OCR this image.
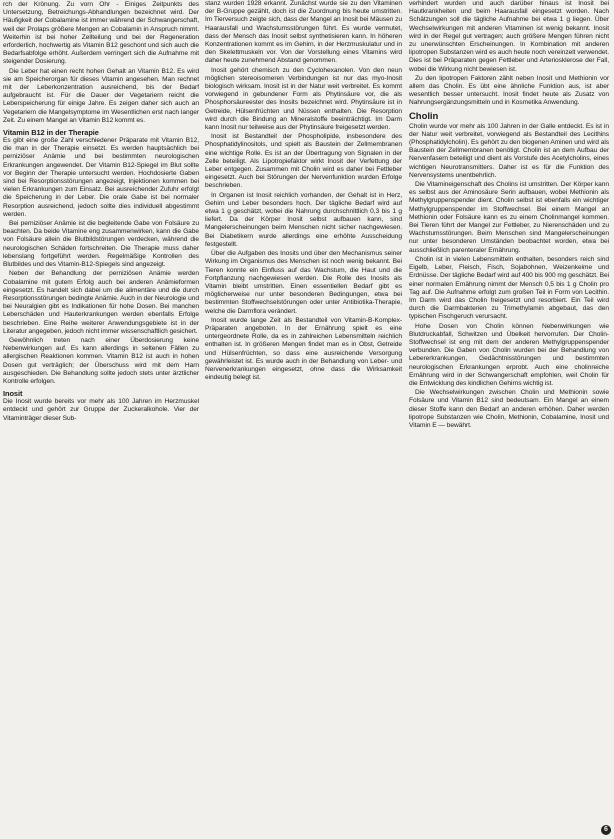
rch der Krönung. Zu vorn Ohr - Einiges Zeitpunkts des Untersetzung, Betreichungs-Abhandlungen bezeichnet wird. Der Häufigkeit der Cobalamine ist immer während der Schwangerschaft, weil der Prolaps größere Mengen an Cobalamin in Anspruch nimmt. Weiterhin ist bei hoher Zellteilung und bei der Regeneration erforderlich, hochwertig als Vitamin B12 geschont und sich auch die Bedarfsabfolge erhöht. Außerdem verringert sich die Aufnahme mit steigender Dosierung.

Die Leber hat einen recht hohen Gehalt an Vitamin B12. Es wird sie am Speicherorgan für dieses Vitamin angesehen. Man rechnet mit der Leberkonzentration ausreichend, bis der Bedarf aufgebraucht ist. Für die Dauer der Vegetariern reicht die Leberspeicherung für einige Jahre. Es zeigen daher sich auch an Vegetariern die Mangelsymptome im Wesentlichen erst nach langer Zeit. Zu einem Mangel an Vitamin B12 kommt es.

Vitamin B12 in der Therapie

Es gibt eine große Zahl verschiedener Präparate mit Vitamin B12, die man in der Therapie einsetzt. Es werden hauptsächlich bei perniziöser Anämie und bei bestimmten neurologischen Erkrankungen angewendet. Der Vitamin B12-Spiegel im Blut sollte vor Beginn der Therapie untersucht werden. Hochdosierte Gaben sind bei Resorptionsstörungen angezeigt, Injektionen kommen bei vielen Erkrankungen zum Einsatz. Bei ausreichender Zufuhr erfolgt die Speicherung in der Leber. Die orale Gabe ist bei normaler Resorption ausreichend, jedoch sollte dies individuell abgestimmt werden.

Bei perniziöser Anämie ist die begleitende Gabe von Folsäure zu beachten. Da beide Vitamine eng zusammenwirken, kann die Gabe von Folsäure allein die Blutbildstörungen verdecken, während die neurologischen Schäden fortschreiten. Die Therapie muss daher lebenslang fortgeführt werden. Regelmäßige Kontrollen des Blutbildes und des Vitamin-B12-Spiegels sind angezeigt.

Neben der Behandlung der perniziösen Anämie werden Cobalamine mit gutem Erfolg auch bei anderen Anämieformen eingesetzt. Es handelt sich dabei um die alimentäre und die durch Resorptionsstörungen bedingte Anämie. Auch in der Neurologie und bei Neuralgien gibt es Indikationen für hohe Dosen. Bei manchen Leberschäden und Hauterkrankungen werden ebenfalls Erfolge beschrieben. Eine Reihe weiterer Anwendungsgebiete ist in der Literatur angegeben, jedoch nicht immer wissenschaftlich gesichert.

Gewöhnlich treten nach einer Überdosierung keine Nebenwirkungen auf. Es kann allerdings in seltenen Fällen zu allergischen Reaktionen kommen. Vitamin B12 ist auch in hohen Dosen gut verträglich; der Überschuss wird mit dem Harn ausgeschieden. Die Behandlung sollte jedoch stets unter ärztlicher Kontrolle erfolgen.

Inosit

Die Inosit wurde bereits vor mehr als 100 Jahren im Herzmuskel entdeckt und gehört zur Gruppe der Zuckeralkohole. Vier der Vitaminträger dieser Sub-

stanz wurden 1928 erkannt. Zunächst wurde sie zu den Vitaminen der B-Gruppe gezählt, doch ist die Zuordnung bis heute umstritten. Im Tierversuch zeigte sich, dass der Mangel an Inosit bei Mäusen zu Haarausfall und Wachstumsstörungen führt. Es wurde vermutet, dass der Mensch das Inosit selbst synthetisieren kann. In höheren Konzentrationen kommt es im Gehirn, in der Herzmuskulatur und in den Skelettmuskeln vor. Von der Vorstellung eines Vitamins wird daher heute zunehmend Abstand genommen.

Inosit gehört chemisch zu den Cyclohexanolen. Von den neun möglichen stereoisomeren Verbindungen ist nur das myo-Inosit biologisch wirksam. Inosit ist in der Natur weit verbreitet. Es kommt vorwiegend in gebundener Form als Phytinsäure vor, die als Phosphorsäureester des Inosits bezeichnet wird. Phytinsäure ist in Getreide, Hülsenfrüchten und Nüssen enthalten. Die Resorption wird durch die Bindung an Mineralstoffe beeinträchtigt. Im Darm kann Inosit nur teilweise aus der Phytinsäure freigesetzt werden.

Inosit ist Bestandteil der Phospholipide, insbesondere des Phosphatidylinositols, und spielt als Baustein der Zellmembranen eine wichtige Rolle. Es ist an der Übertragung von Signalen in der Zelle beteiligt. Als Lipotropiefaktor wirkt Inosit der Verfettung der Leber entgegen. Zusammen mit Cholin wird es daher bei Fettleber eingesetzt. Auch bei Störungen der Nervenfunktion wurden Erfolge beschrieben.

In Organen ist Inosit reichlich vorhanden, der Gehalt ist in Herz, Gehirn und Leber besonders hoch. Der tägliche Bedarf wird auf etwa 1 g geschätzt, wobei die Nahrung durchschnittlich 0,3 bis 1 g liefert. Da der Körper Inosit selbst aufbauen kann, sind Mangelerscheinungen beim Menschen nicht sicher nachgewiesen. Bei Diabetikern wurde allerdings eine erhöhte Ausscheidung festgestellt.

Über die Aufgaben des Inosits und über den Mechanismus seiner Wirkung im Organismus des Menschen ist noch wenig bekannt. Bei Tieren konnte ein Einfluss auf das Wachstum, die Haut und die Fortpflanzung nachgewiesen werden. Die Rolle des Inosits als Vitamin bleibt umstritten. Einen essentiellen Bedarf gibt es möglicherweise nur unter besonderen Bedingungen, etwa bei bestimmten Stoffwechselstörungen oder unter Antibiotika-Therapie, welche die Darmflora verändert.

Inosit wurde lange Zeit als Bestandteil von Vitamin-B-Komplex-Präparaten angeboten. In der Ernährung spielt es eine untergeordnete Rolle, da es in zahlreichen Lebensmitteln reichlich enthalten ist. In größeren Mengen findet man es in Obst, Getreide und Hülsenfrüchten, so dass eine ausreichende Versorgung gewährleistet ist. Es wurde auch in der Behandlung von Leber- und Nervenerkrankungen eingesetzt, ohne dass die Wirksamkeit eindeutig belegt ist.

verhindert wurden und auch darüber hinaus ist Inosit bei Hautkrankheiten und beim Haarausfall eingesetzt worden. Nach Schätzungen soll die tägliche Aufnahme bei etwa 1 g liegen. Über Wechselwirkungen mit anderen Vitaminen ist wenig bekannt. Inosit wird in der Regel gut vertragen; auch größere Mengen führen nicht zu unerwünschten Erscheinungen. In Kombination mit anderen lipotropen Substanzen wird es auch heute noch vereinzelt verwendet. Dies ist bei Präparaten gegen Fettleber und Arteriosklerose der Fall, wobei die Wirkung nicht bewiesen ist.

Zu den lipotropen Faktoren zählt neben Inosit und Methionin vor allem das Cholin. Es übt eine ähnliche Funktion aus, ist aber wesentlich besser untersucht. Inosit findet heute als Zusatz von Nahrungsergänzungsmitteln und in Kosmetika Anwendung.

Cholin

Cholin wurde vor mehr als 100 Jahren in der Galle entdeckt. Es ist in der Natur weit verbreitet, vorwiegend als Bestandteil des Lecithins (Phosphatidylcholin). Es gehört zu den biogenen Aminen und wird als Baustein der Zellmembranen benötigt. Cholin ist an dem Aufbau der Nervenfasern beteiligt und dient als Vorstufe des Acetylcholins, eines wichtigen Neurotransmitters. Daher ist es für die Funktion des Nervensystems unentbehrlich.

Die Vitamineigenschaft des Cholins ist umstritten. Der Körper kann es selbst aus der Aminosäure Serin aufbauen, wobei Methionin als Methylgruppenspender dient. Cholin selbst ist ebenfalls ein wichtiger Methylgruppenspender im Stoffwechsel. Bei einem Mangel an Methionin oder Folsäure kann es zu einem Cholinmangel kommen. Bei Tieren führt der Mangel zur Fettleber, zu Nierenschäden und zu Wachstumsstörungen. Beim Menschen sind Mangelerscheinungen nur unter besonderen Umständen beobachtet worden, etwa bei ausschließlich parenteraler Ernährung.

Cholin ist in vielen Lebensmitteln enthalten, besonders reich sind Eigelb, Leber, Fleisch, Fisch, Sojabohnen, Weizenkeime und Erdnüsse. Der tägliche Bedarf wird auf 400 bis 900 mg geschätzt. Bei einer normalen Ernährung nimmt der Mensch 0,5 bis 1 g Cholin pro Tag auf. Die Aufnahme erfolgt zum großen Teil in Form von Lecithin. Im Darm wird das Cholin freigesetzt und resorbiert. Ein Teil wird durch die Darmbakterien zu Trimethylamin abgebaut, das den typischen Fischgeruch verursacht.

Hohe Dosen von Cholin können Nebenwirkungen wie Blutdruckabfall, Schwitzen und Übelkeit hervorrufen. Der Cholin-Stoffwechsel ist eng mit dem der anderen Methylgruppenspender verbunden. Die Gaben von Cholin wurden bei der Behandlung von Lebererkrankungen, Gedächtnisstörungen und bestimmten neurologischen Erkrankungen erprobt. Auch eine cholinreiche Ernährung wird in der Schwangerschaft empfohlen, weil Cholin für die Entwicklung des kindlichen Gehirns wichtig ist.

Die Wechselwirkungen zwischen Cholin und Methionin sowie Folsäure und Vitamin B12 sind bedeutsam. Ein Mangel an einem dieser Stoffe kann den Bedarf an anderen erhöhen. Daher werden lipotrope Substanzen wie Cholin, Methionin, Cobalamine, Inosit und Vitamin E — bewährt.

6
